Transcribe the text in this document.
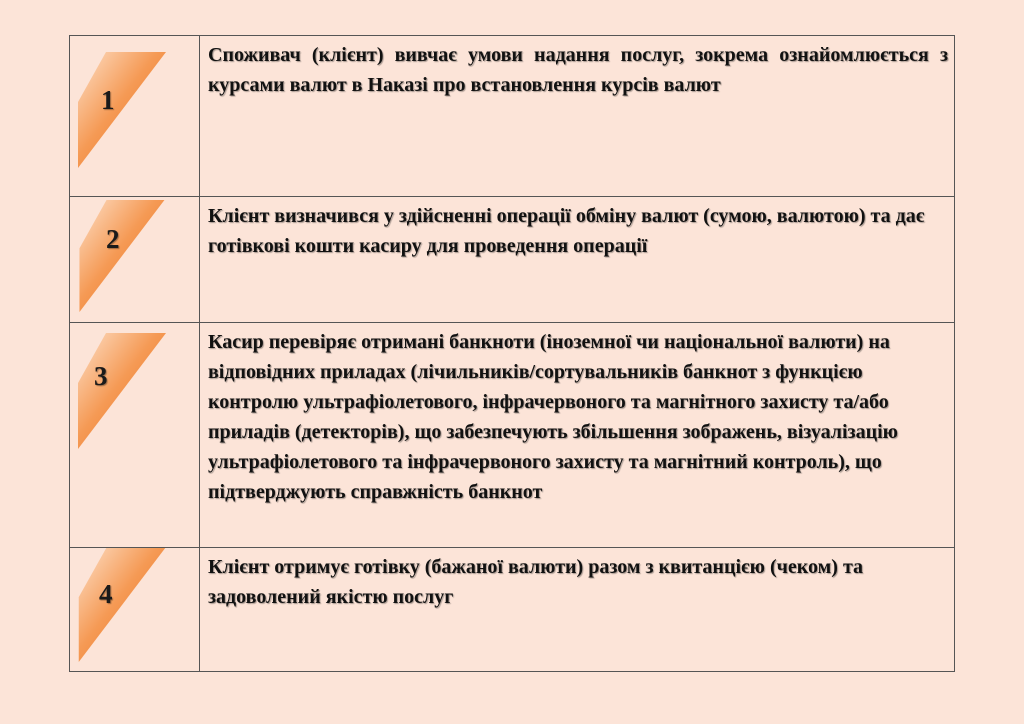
1	Споживач (клієнт) вивчає умови надання послуг, зокрема ознайомлюється з курсами валют в Наказі про встановлення курсів валют

2	Клієнт визначився у здійсненні операції обміну валют (сумою, валютою) та дає готівкові кошти касиру для проведення операції

3	Касир перевіряє отримані банкноти (іноземної чи національної валюти) на відповідних приладах (лічильників/сортувальників банкнот з функцією контролю ультрафіолетового, інфрачервоного та магнітного захисту та/або приладів (детекторів), що забезпечують збільшення зображень, візуалізацію ультрафіолетового та інфрачервоного захисту та магнітний контроль), що підтверджують справжність банкнот

4	Клієнт отримує готівку (бажаної валюти) разом з квитанцією (чеком) та задоволений якістю послуг
